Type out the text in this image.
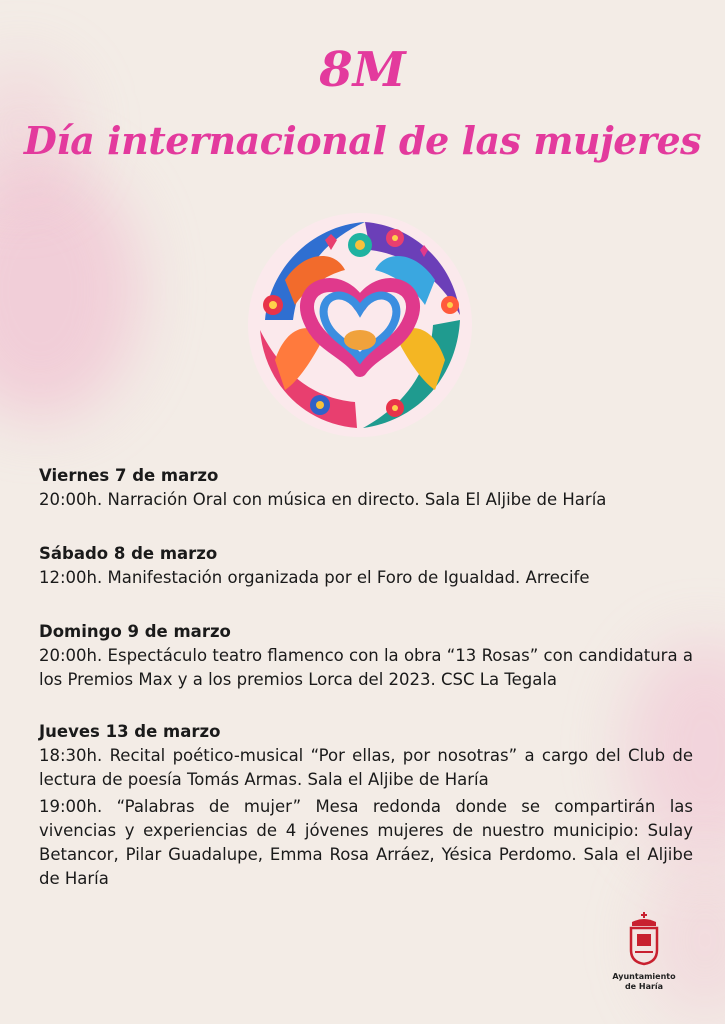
8M
Día internacional de las mujeres

Viernes 7 de marzo

20:00h. Narración Oral con música en directo. Sala El Aljibe de Haría

Sábado 8 de marzo

12:00h. Manifestación organizada por el Foro de Igualdad. Arrecife

Domingo 9 de marzo

20:00h. Espectáculo teatro flamenco con la obra “13 Rosas” con candidatura a los Premios Max y a los premios Lorca del 2023. CSC La Tegala

Jueves 13 de marzo

18:30h. Recital poético-musical “Por ellas, por nosotras” a cargo del Club de lectura de poesía Tomás Armas. Sala el Aljibe de Haría

19:00h. “Palabras de mujer” Mesa redonda donde se compartirán las vivencias y experiencias de 4 jóvenes mujeres de nuestro municipio: Sulay Betancor, Pilar Guadalupe, Emma Rosa Arráez, Yésica Perdomo. Sala el Aljibe de Haría

Ayuntamiento
de Haría
